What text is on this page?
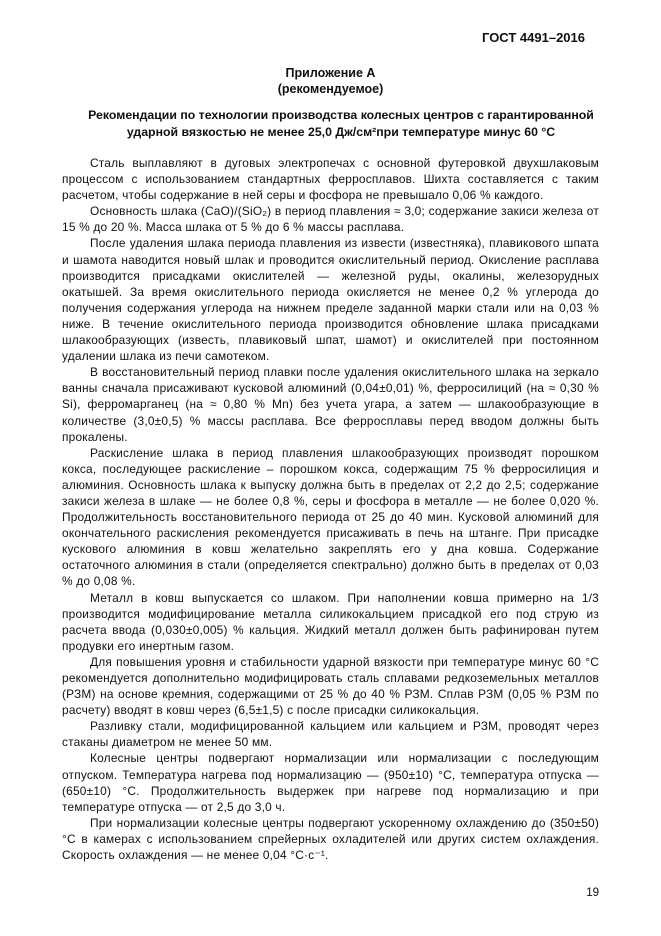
ГОСТ 4491–2016
Приложение А
(рекомендуемое)
Рекомендации по технологии производства колесных центров с гарантированной ударной вязкостью не менее 25,0 Дж/см²при температуре минус 60 °C

Сталь выплавляют в дуговых электропечах с основной футеровкой двухшлаковым процессом с использованием стандартных ферросплавов. Шихта составляется с таким расчетом, чтобы содержание в ней серы и фосфора не превышало 0,06 % каждого.

Основность шлака (CaO)/(SiO₂) в период плавления ≈ 3,0; содержание закиси железа от 15 % до 20 %. Масса шлака от 5 % до 6 % массы расплава.

После удаления шлака периода плавления из извести (известняка), плавикового шпата и шамота наводится новый шлак и проводится окислительный период. Окисление расплава производится присадками окислителей — железной руды, окалины, железорудных окатышей. За время окислительного периода окисляется не менее 0,2 % углерода до получения содержания углерода на нижнем пределе заданной марки стали или на 0,03 % ниже. В течение окислительного периода производится обновление шлака присадками шлакообразующих (известь, плавиковый шпат, шамот) и окислителей при постоянном удалении шлака из печи самотеком.

В восстановительный период плавки после удаления окислительного шлака на зеркало ванны сначала присаживают кусковой алюминий (0,04±0,01) %, ферросилиций (на ≈ 0,30 % Si), ферромарганец (на ≈ 0,80 % Mn) без учета угара, а затем — шлакообразующие в количестве (3,0±0,5) % массы расплава. Все ферросплавы перед вводом должны быть прокалены.

Раскисление шлака в период плавления шлакообразующих производят порошком кокса, последующее раскисление – порошком кокса, содержащим 75 % ферросилиция и алюминия. Основность шлака к выпуску должна быть в пределах от 2,2 до 2,5; содержание закиси железа в шлаке — не более 0,8 %, серы и фосфора в металле — не более 0,020 %. Продолжительность восстановительного периода от 25 до 40 мин. Кусковой алюминий для окончательного раскисления рекомендуется присаживать в печь на штанге. При присадке кускового алюминия в ковш желательно закреплять его у дна ковша. Содержание остаточного алюминия в стали (определяется спектрально) должно быть в пределах от 0,03 % до 0,08 %.

Металл в ковш выпускается со шлаком. При наполнении ковша примерно на 1/3 производится модифицирование металла силикокальцием присадкой его под струю из расчета ввода (0,030±0,005) % кальция. Жидкий металл должен быть рафинирован путем продувки его инертным газом.

Для повышения уровня и стабильности ударной вязкости при температуре минус 60 °C рекомендуется дополнительно модифицировать сталь сплавами редкоземельных металлов (РЗМ) на основе кремния, содержащими от 25 % до 40 % РЗМ. Сплав РЗМ (0,05 % РЗМ по расчету) вводят в ковш через (6,5±1,5) с после присадки силикокальция.

Разливку стали, модифицированной кальцием или кальцием и РЗМ, проводят через стаканы диаметром не менее 50 мм.

Колесные центры подвергают нормализации или нормализации с последующим отпуском. Температура нагрева под нормализацию — (950±10) °C, температура отпуска — (650±10) °C. Продолжительность выдержек при нагреве под нормализацию и при температуре отпуска — от 2,5 до 3,0 ч.

При нормализации колесные центры подвергают ускоренному охлаждению до (350±50) °C в камерах с использованием спрейерных охладителей или других систем охлаждения. Скорость охлаждения — не менее 0,04 °C·с⁻¹.

19
